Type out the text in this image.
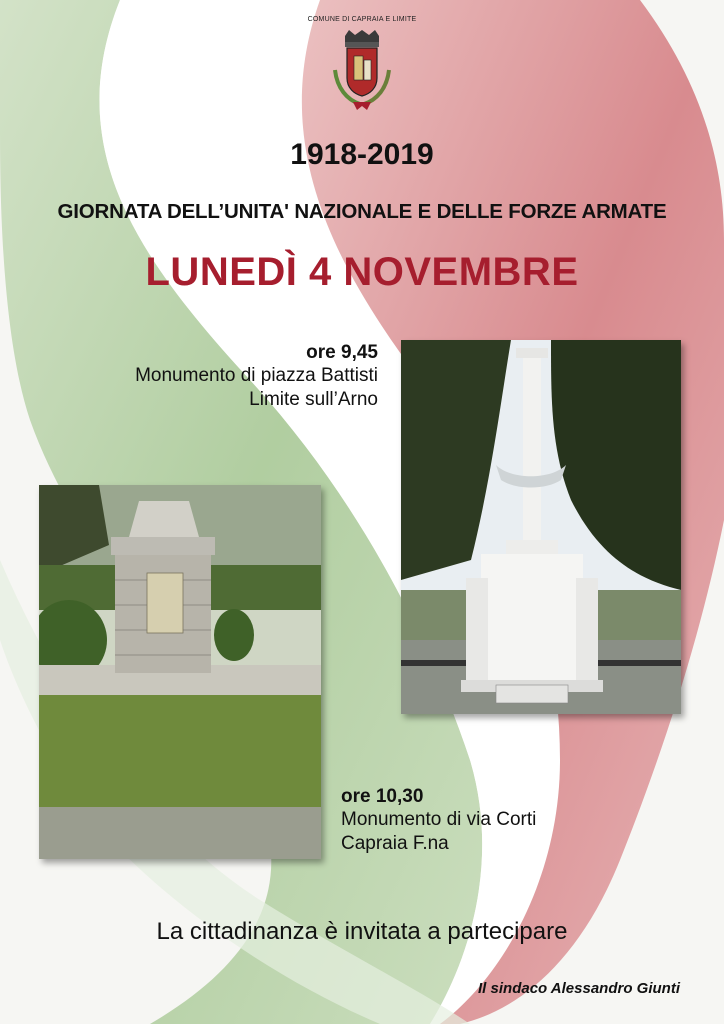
COMUNE DI CAPRAIA E LIMITE
1918-2019
GIORNATA DELL’UNITA' NAZIONALE E DELLE FORZE ARMATE
LUNEDÌ 4 NOVEMBRE
ore 9,45
Monumento di piazza Battisti
Limite sull’Arno
ore 10,30
Monumento di via Corti
Capraia F.na
La cittadinanza è invitata a partecipare
Il sindaco Alessandro Giunti
